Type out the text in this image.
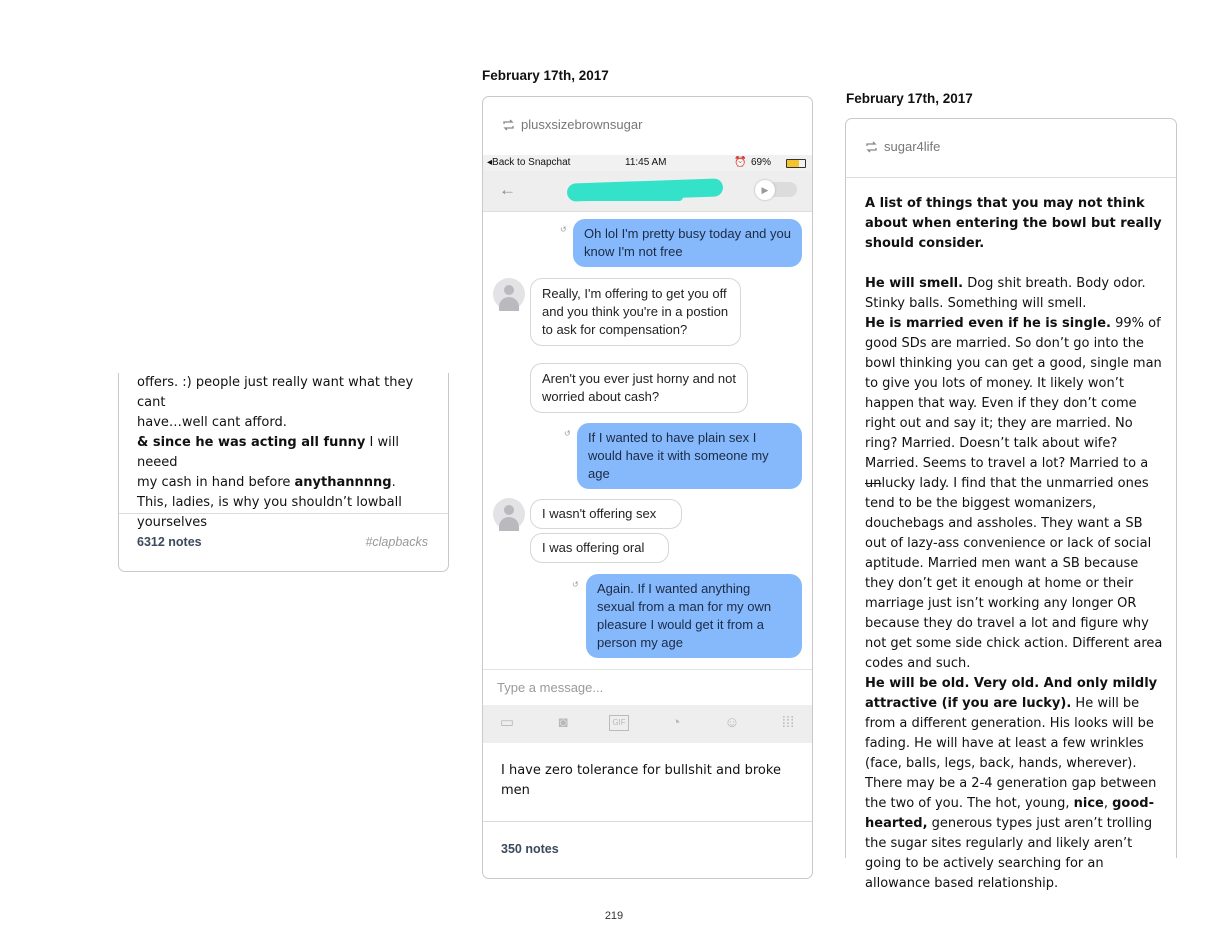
offers. :) people just really want what they cant
have…well cant afford.
& since he was acting all funny I will neeed
my cash in hand before anythannnng.
This, ladies, is why you shouldn’t lowball
yourselves
6312 notes	#clapbacks
February 17th, 2017
plusxsizebrownsugar
◂Back to Snapchat	11:45 AM	⏰ 69%
←	▶
↺	Oh lol I'm pretty busy today and you know I'm not free
Really, I'm offering to get you off and you think you're in a postion to ask for compensation?
Aren't you ever just horny and not worried about cash?
↺	If I wanted to have plain sex I would have it with someone my age
I wasn't offering sex
I was offering oral
↺	Again. If I wanted anything sexual from a man for my own pleasure I would get it from a person my age
Type a message...
▭	◙	GIF	◔	☺	⁞⁞⁞
I have zero tolerance for bullshit and broke men
350 notes
February 17th, 2017
sugar4life

A list of things that you may not think about when entering the bowl but really should consider.

He will smell. Dog shit breath. Body odor. Stinky balls. Something will smell.

He is married even if he is single. 99% of good SDs are married. So don’t go into the bowl thinking you can get a good, single man to give you lots of money. It likely won’t happen that way. Even if they don’t come right out and say it; they are married. No ring? Married. Doesn’t talk about wife? Married. Seems to travel a lot? Married to a unlucky lady. I find that the unmarried ones tend to be the biggest womanizers, douchebags and assholes. They want a SB out of lazy-ass convenience or lack of social aptitude. Married men want a SB because they don’t get it enough at home or their marriage just isn’t working any longer OR because they do travel a lot and figure why not get some side chick action. Different area codes and such.

He will be old. Very old. And only mildly attractive (if you are lucky). He will be from a different generation. His looks will be fading. He will have at least a few wrinkles (face, balls, legs, back, hands, wherever). There may be a 2-4 generation gap between the two of you. The hot, young, nice, good-hearted, generous types just aren’t trolling the sugar sites regularly and likely aren’t going to be actively searching for an allowance based relationship.

219
